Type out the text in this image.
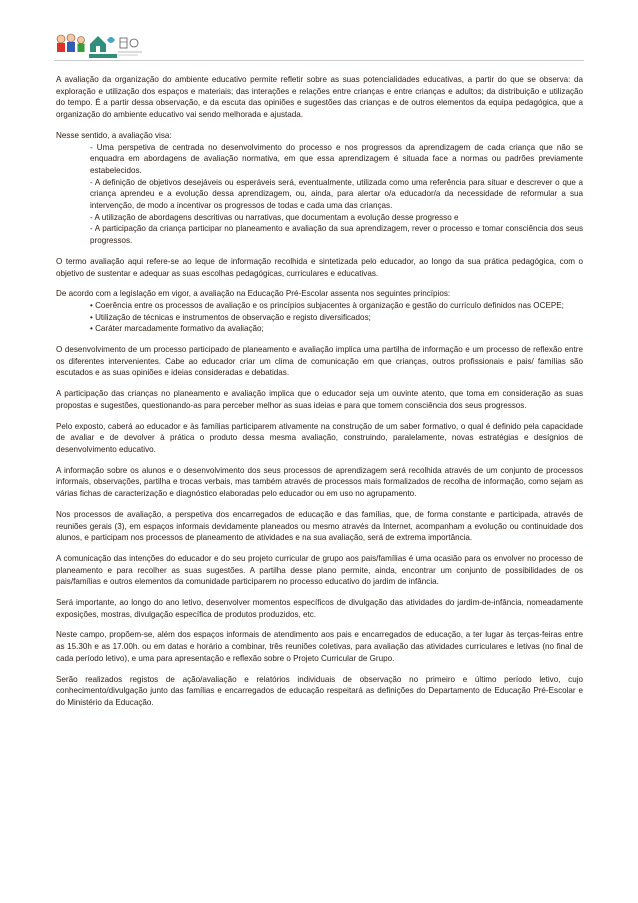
A avaliação da organização do ambiente educativo permite refletir sobre as suas potencialidades educativas, a partir do que se observa: da exploração e utilização dos espaços e materiais; das interações e relações entre crianças e entre crianças e adultos; da distribuição e utilização do tempo. É a partir dessa observação, e da escuta das opiniões e sugestões das crianças e de outros elementos da equipa pedagógica, que a organização do ambiente educativo vai sendo melhorada e ajustada.

Nesse sentido, a avaliação visa:

- Uma perspetiva de centrada no desenvolvimento do processo e nos progressos da aprendizagem de cada criança que não se enquadra em abordagens de avaliação normativa, em que essa aprendizagem é situada face a normas ou padrões previamente estabelecidos.
- A definição de objetivos desejáveis ou esperáveis será, eventualmente, utilizada como uma referência para situar e descrever o que a criança aprendeu e a evolução dessa aprendizagem, ou, ainda, para alertar o/a educador/a da necessidade de reformular a sua intervenção, de modo a incentivar os progressos de todas e cada uma das crianças.
- A utilização de abordagens descritivas ou narrativas, que documentam a evolução desse progresso e
- A participação da criança participar no planeamento e avaliação da sua aprendizagem, rever o processo e tomar consciência dos seus progressos.

O termo avaliação aqui refere-se ao leque de informação recolhida e sintetizada pelo educador, ao longo da sua prática pedagógica, com o objetivo de sustentar e adequar as suas escolhas pedagógicas, curriculares e educativas.

De acordo com a legislação em vigor, a avaliação na Educação Pré-Escolar assenta nos seguintes princípios:

• Coerência entre os processos de avaliação e os princípios subjacentes à organização e gestão do currículo definidos nas OCEPE;
• Utilização de técnicas e instrumentos de observação e registo diversificados;
• Caráter marcadamente formativo da avaliação;

O desenvolvimento de um processo participado de planeamento e avaliação implica uma partilha de informação e um processo de reflexão entre os diferentes intervenientes. Cabe ao educador criar um clima de comunicação em que crianças, outros profissionais e pais/ famílias são escutados e as suas opiniões e ideias consideradas e debatidas.

A participação das crianças no planeamento e avaliação implica que o educador seja um ouvinte atento, que toma em consideração as suas propostas e sugestões, questionando-as para perceber melhor as suas ideias e para que tomem consciência dos seus progressos.

Pelo exposto, caberá ao educador e às famílias participarem ativamente na construção de um saber formativo, o qual é definido pela capacidade de avaliar e de devolver à prática o produto dessa mesma avaliação, construindo, paralelamente, novas estratégias e desígnios de desenvolvimento educativo.

A informação sobre os alunos e o desenvolvimento dos seus processos de aprendizagem será recolhida através de um conjunto de processos informais, observações, partilha e trocas verbais, mas também através de processos mais formalizados de recolha de informação, como sejam as várias fichas de caracterização e diagnóstico elaboradas pelo educador ou em uso no agrupamento.

Nos processos de avaliação, a perspetiva dos encarregados de educação e das famílias, que, de forma constante e participada, através de reuniões gerais (3), em espaços informais devidamente planeados ou mesmo através da Internet, acompanham a evolução ou continuidade dos alunos, e participam nos processos de planeamento de atividades e na sua avaliação, será de extrema importância.

A comunicação das intenções do educador e do seu projeto curricular de grupo aos pais/famílias é uma ocasião para os envolver no processo de planeamento e para recolher as suas sugestões. A partilha desse plano permite, ainda, encontrar um conjunto de possibilidades de os pais/famílias e outros elementos da comunidade participarem no processo educativo do jardim de infância.

Será importante, ao longo do ano letivo, desenvolver momentos específicos de divulgação das atividades do jardim-de-infância, nomeadamente exposições, mostras, divulgação específica de produtos produzidos, etc.

Neste campo, propõem-se, além dos espaços informais de atendimento aos pais e encarregados de educação, a ter lugar às terças-feiras entre as 15.30h e as 17.00h. ou em datas e horário a combinar, três reuniões coletivas, para avaliação das atividades curriculares e letivas (no final de cada período letivo), e uma para apresentação e reflexão sobre o Projeto Curricular de Grupo.

Serão realizados registos de ação/avaliação e relatórios individuais de observação no primeiro e último período letivo, cujo conhecimento/divulgação junto das famílias e encarregados de educação respeitará as definições do Departamento de Educação Pré-Escolar e do Ministério da Educação.
